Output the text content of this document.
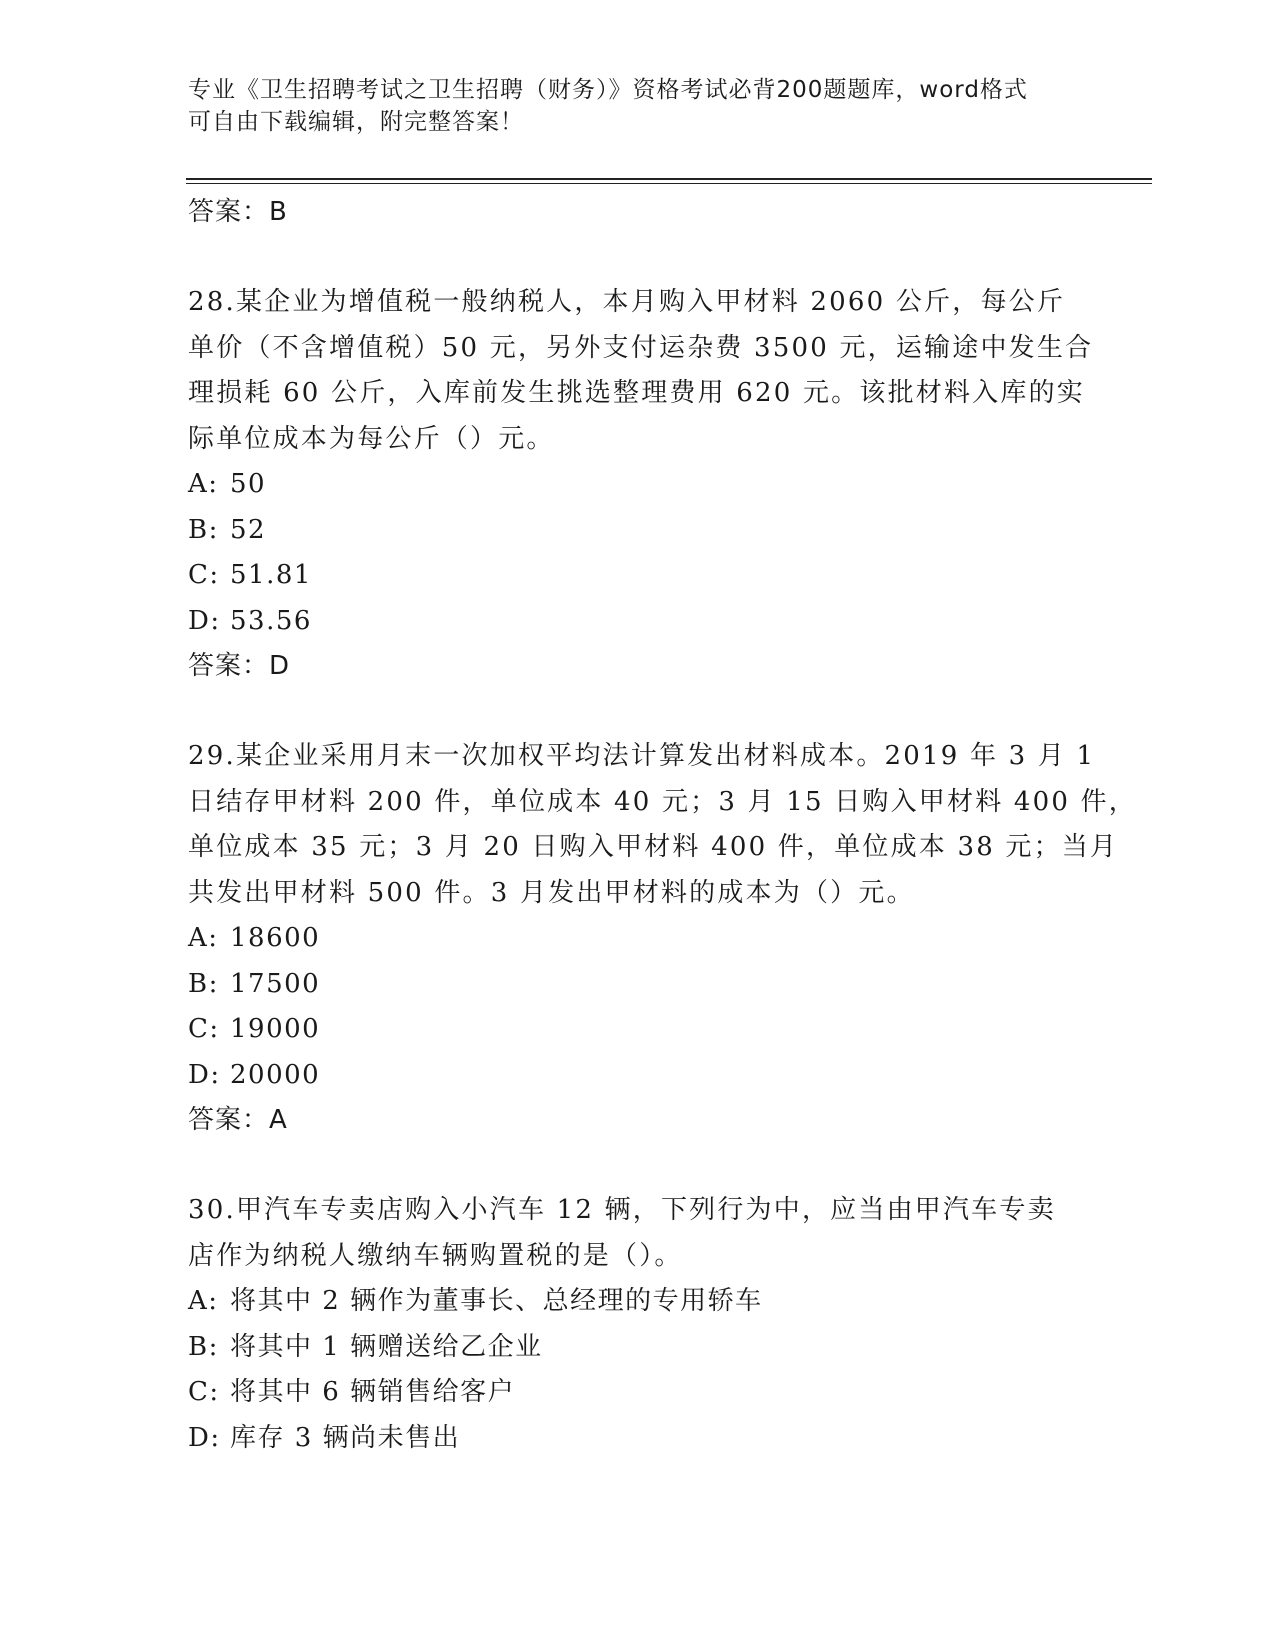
专业《卫生招聘考试之卫生招聘（财务）》资格考试必背200题题库，word格式
可自由下载编辑，附完整答案！
答案：B
28.某企业为增值税一般纳税人，本月购入甲材料 2060 公斤，每公斤
单价（不含增值税）50 元，另外支付运杂费 3500 元，运输途中发生合
理损耗 60 公斤，入库前发生挑选整理费用 620 元。该批材料入库的实
际单位成本为每公斤（）元。
A: 50
B: 52
C: 51.81
D: 53.56
答案：D
29.某企业采用月末一次加权平均法计算发出材料成本。2019 年 3 月 1
日结存甲材料 200 件，单位成本 40 元；3 月 15 日购入甲材料 400 件，
单位成本 35 元；3 月 20 日购入甲材料 400 件，单位成本 38 元；当月
共发出甲材料 500 件。3 月发出甲材料的成本为（）元。
A: 18600
B: 17500
C: 19000
D: 20000
答案：A
30.甲汽车专卖店购入小汽车 12 辆，下列行为中，应当由甲汽车专卖
店作为纳税人缴纳车辆购置税的是（）。
A: 将其中 2 辆作为董事长、总经理的专用轿车
B: 将其中 1 辆赠送给乙企业
C: 将其中 6 辆销售给客户
D: 库存 3 辆尚未售出
